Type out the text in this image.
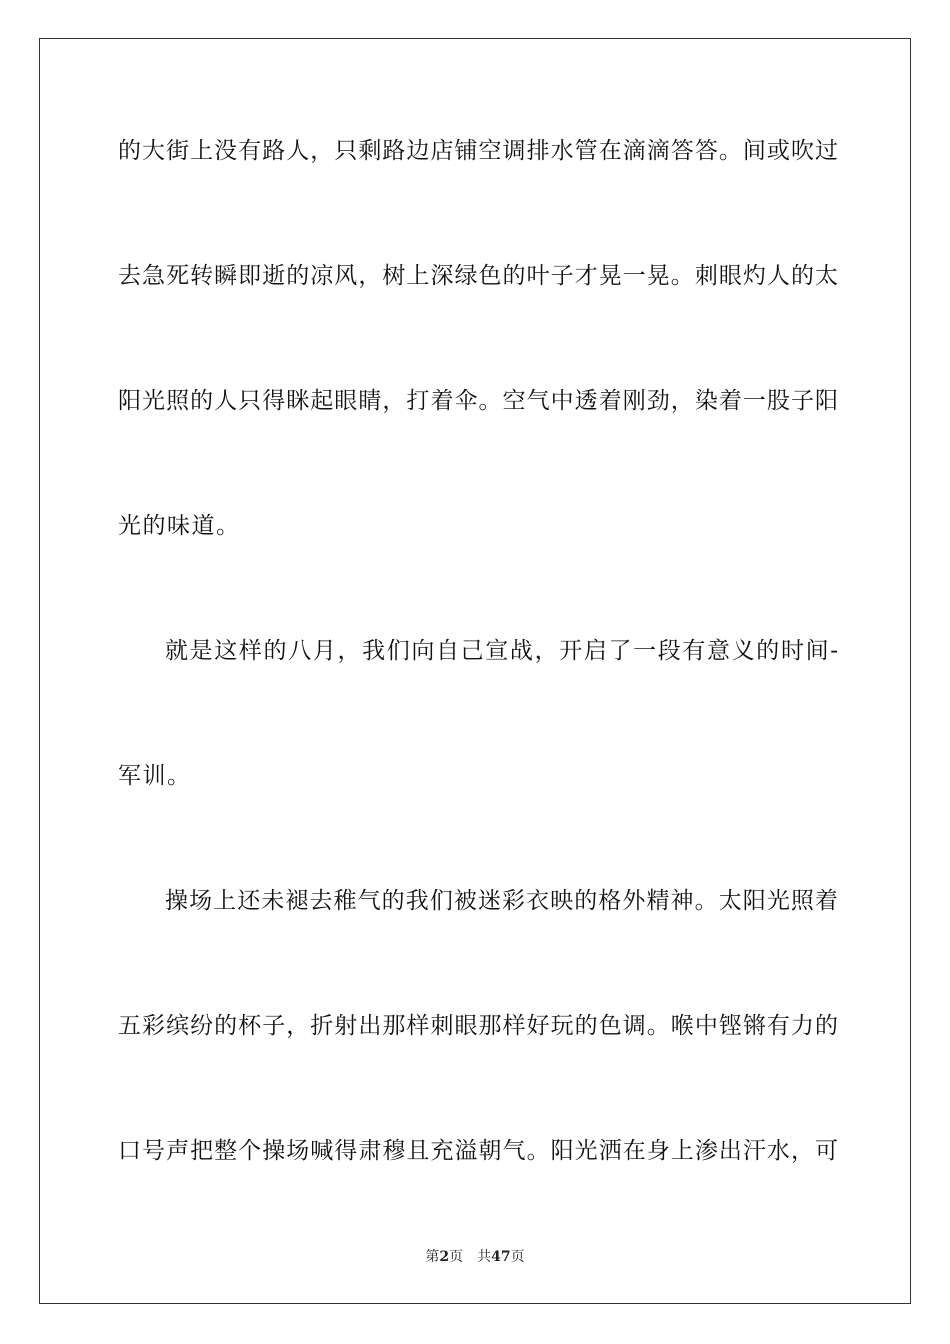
的大街上没有路人，只剩路边店铺空调排水管在滴滴答答。间或吹过
去急死转瞬即逝的凉风，树上深绿色的叶子才晃一晃。刺眼灼人的太
阳光照的人只得眯起眼睛，打着伞。空气中透着刚劲，染着一股子阳
光的味道。
就是这样的八月，我们向自己宣战，开启了一段有意义的时间-
军训。
操场上还未褪去稚气的我们被迷彩衣映的格外精神。太阳光照着
五彩缤纷的杯子，折射出那样刺眼那样好玩的色调。喉中铿锵有力的
口号声把整个操场喊得肃穆且充溢朝气。阳光洒在身上渗出汗水，可
第2页 共47页
